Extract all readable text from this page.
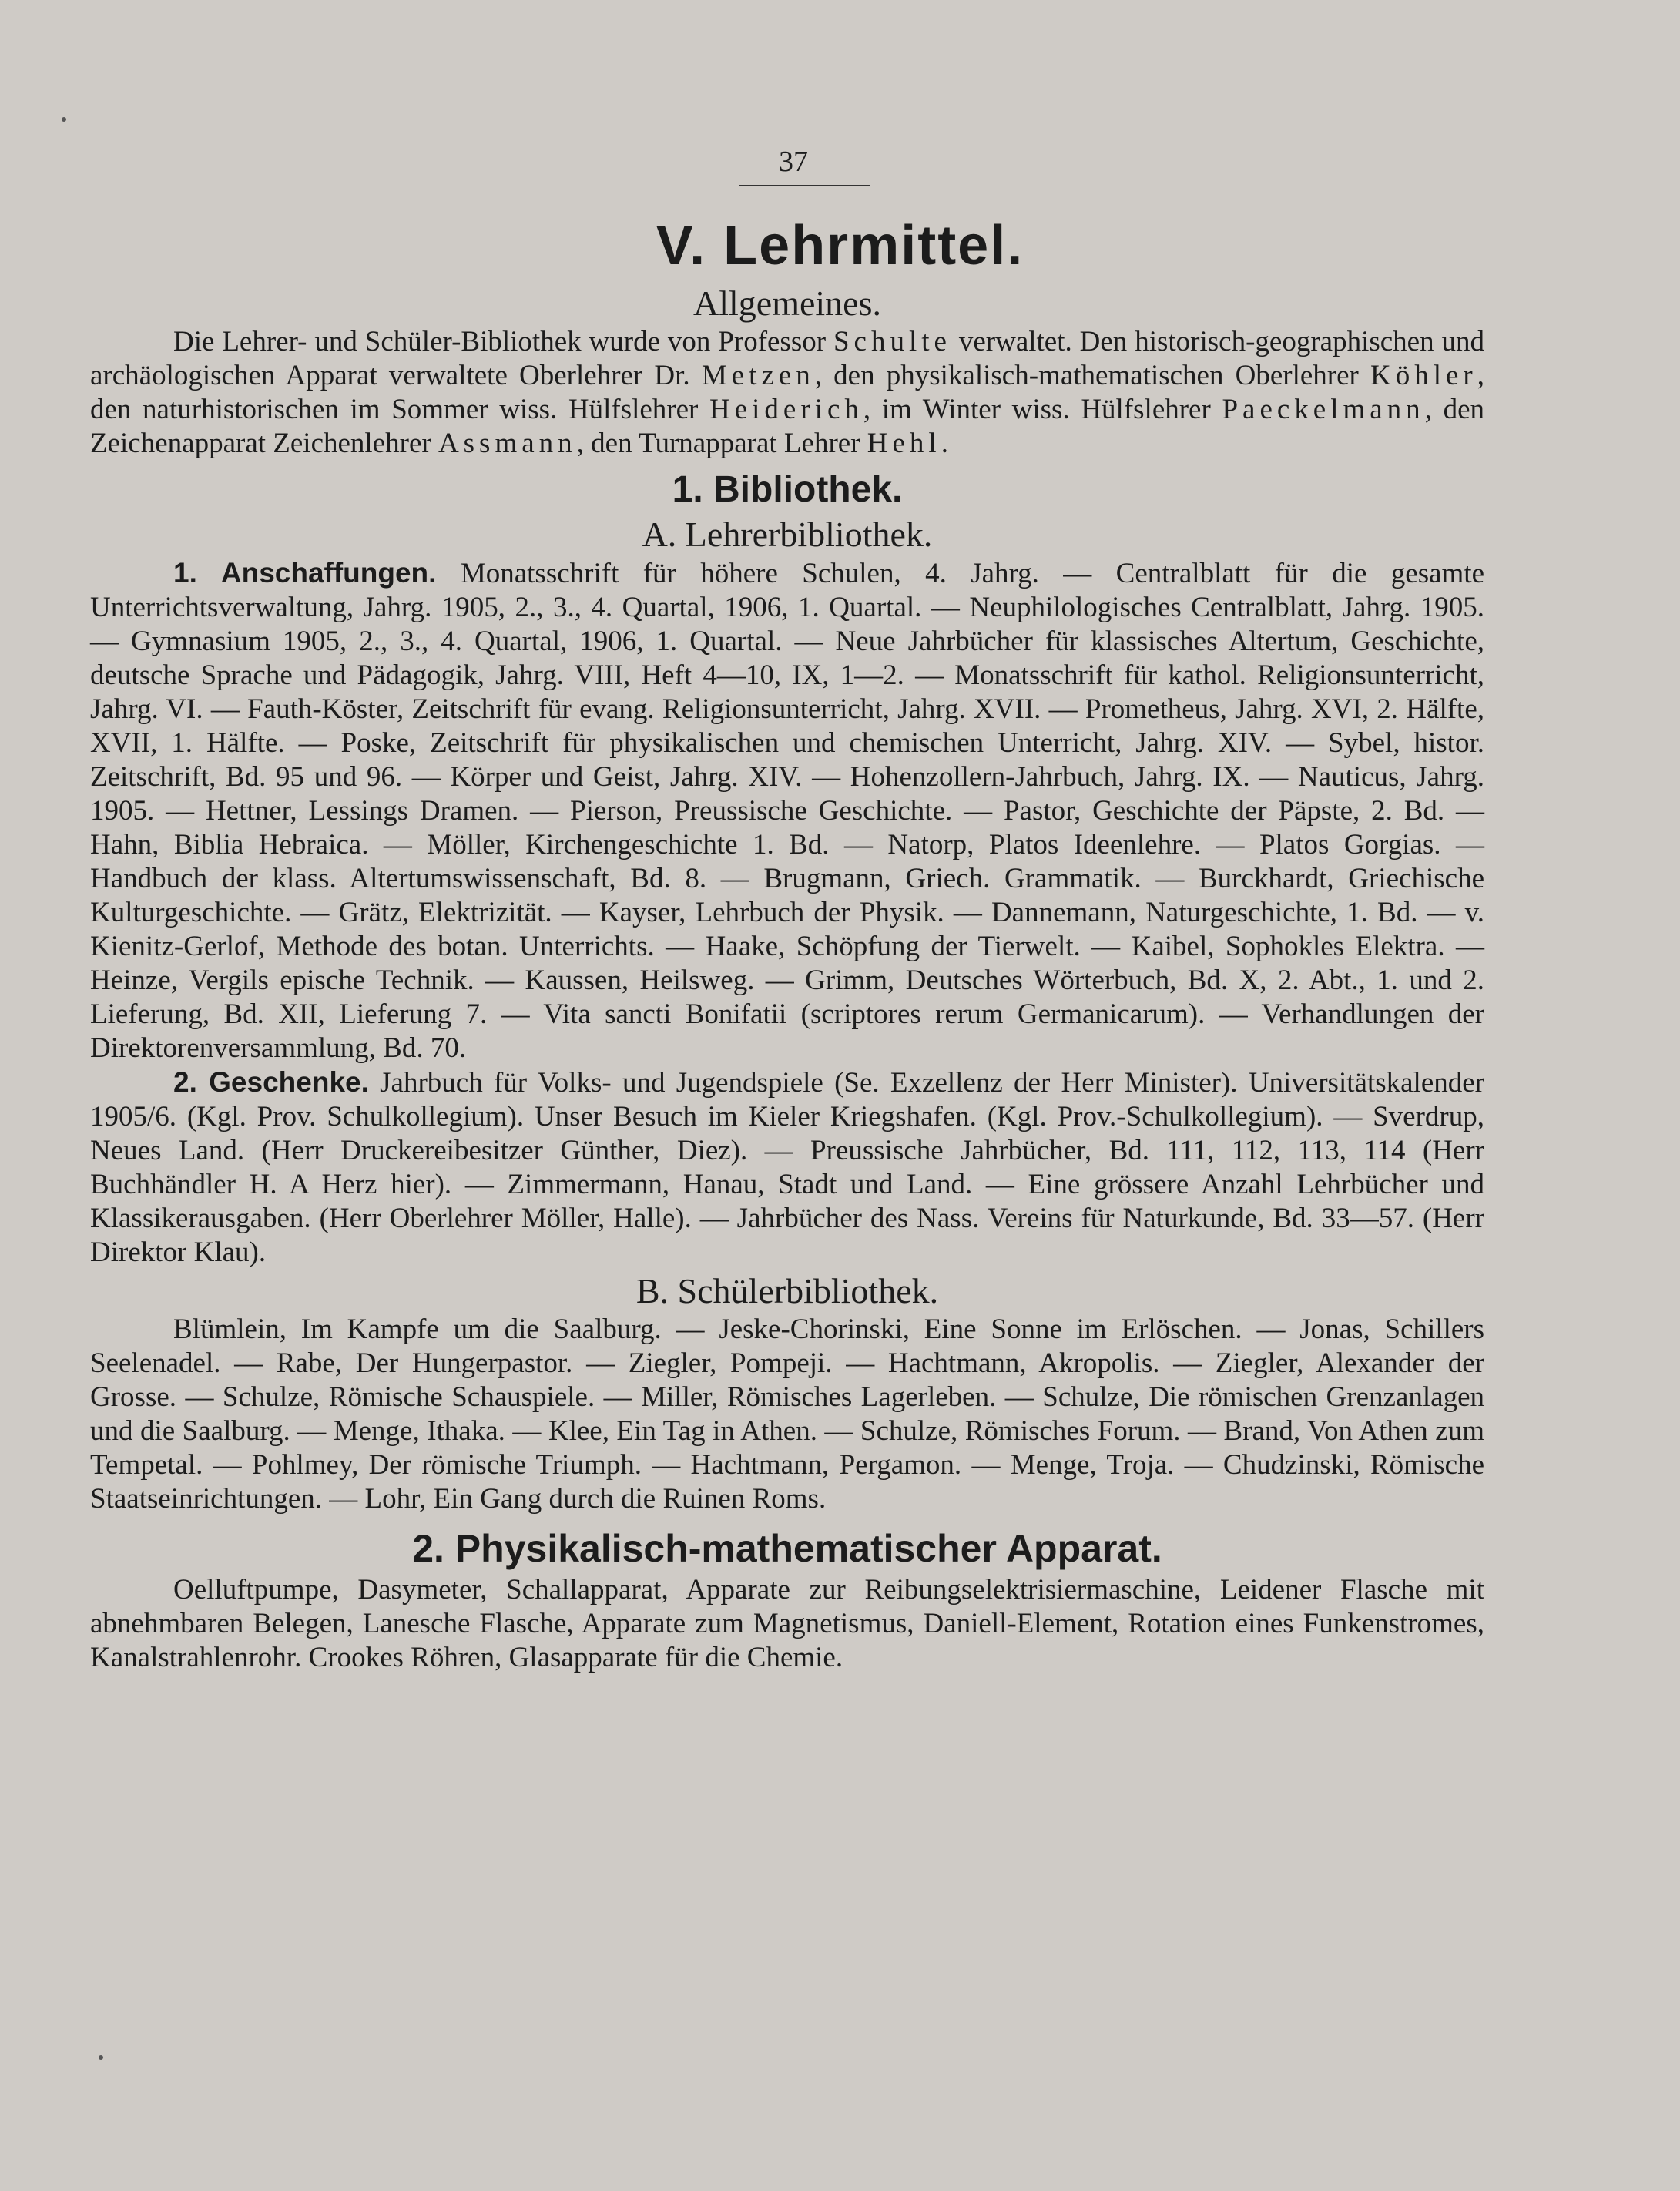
37
V. Lehrmittel.
Allgemeines.

Die Lehrer- und Schüler-Bibliothek wurde von Professor Schulte verwaltet. Den historisch-geographischen und archäologischen Apparat verwaltete Oberlehrer Dr. Metzen, den physikalisch-mathematischen Oberlehrer Köhler, den naturhistorischen im Sommer wiss. Hülfslehrer Heiderich, im Winter wiss. Hülfslehrer Paeckelmann, den Zeichenapparat Zeichenlehrer Assmann, den Turnapparat Lehrer Hehl.

1. Bibliothek.
A. Lehrerbibliothek.

1. Anschaffungen. Monatsschrift für höhere Schulen, 4. Jahrg. — Centralblatt für die gesamte Unterrichtsverwaltung, Jahrg. 1905, 2., 3., 4. Quartal, 1906, 1. Quartal. — Neuphilologisches Centralblatt, Jahrg. 1905. — Gymnasium 1905, 2., 3., 4. Quartal, 1906, 1. Quartal. — Neue Jahrbücher für klassisches Altertum, Geschichte, deutsche Sprache und Pädagogik, Jahrg. VIII, Heft 4—10, IX, 1—2. — Monatsschrift für kathol. Religionsunterricht, Jahrg. VI. — Fauth-Köster, Zeitschrift für evang. Religionsunterricht, Jahrg. XVII. — Prometheus, Jahrg. XVI, 2. Hälfte, XVII, 1. Hälfte. — Poske, Zeitschrift für physikalischen und chemischen Unterricht, Jahrg. XIV. — Sybel, histor. Zeitschrift, Bd. 95 und 96. — Körper und Geist, Jahrg. XIV. — Hohenzollern-Jahrbuch, Jahrg. IX. — Nauticus, Jahrg. 1905. — Hettner, Lessings Dramen. — Pierson, Preussische Geschichte. — Pastor, Geschichte der Päpste, 2. Bd. — Hahn, Biblia Hebraica. — Möller, Kirchengeschichte 1. Bd. — Natorp, Platos Ideenlehre. — Platos Gorgias. — Handbuch der klass. Altertumswissenschaft, Bd. 8. — Brugmann, Griech. Grammatik. — Burckhardt, Griechische Kulturgeschichte. — Grätz, Elektrizität. — Kayser, Lehrbuch der Physik. — Dannemann, Naturgeschichte, 1. Bd. — v. Kienitz-Gerlof, Methode des botan. Unterrichts. — Haake, Schöpfung der Tierwelt. — Kaibel, Sophokles Elektra. — Heinze, Vergils epische Technik. — Kaussen, Heilsweg. — Grimm, Deutsches Wörterbuch, Bd. X, 2. Abt., 1. und 2. Lieferung, Bd. XII, Lieferung 7. — Vita sancti Bonifatii (scriptores rerum Germanicarum). — Verhandlungen der Direktorenversammlung, Bd. 70.

2. Geschenke. Jahrbuch für Volks- und Jugendspiele (Se. Exzellenz der Herr Minister). Universitätskalender 1905/6. (Kgl. Prov. Schulkollegium). Unser Besuch im Kieler Kriegshafen. (Kgl. Prov.-Schulkollegium). — Sverdrup, Neues Land. (Herr Druckereibesitzer Günther, Diez). — Preussische Jahrbücher, Bd. 111, 112, 113, 114 (Herr Buchhändler H. A Herz hier). — Zimmermann, Hanau, Stadt und Land. — Eine grössere Anzahl Lehrbücher und Klassikerausgaben. (Herr Oberlehrer Möller, Halle). — Jahrbücher des Nass. Vereins für Naturkunde, Bd. 33—57. (Herr Direktor Klau).

B. Schülerbibliothek.

Blümlein, Im Kampfe um die Saalburg. — Jeske-Chorinski, Eine Sonne im Erlöschen. — Jonas, Schillers Seelenadel. — Rabe, Der Hungerpastor. — Ziegler, Pompeji. — Hachtmann, Akropolis. — Ziegler, Alexander der Grosse. — Schulze, Römische Schauspiele. — Miller, Römisches Lagerleben. — Schulze, Die römischen Grenzanlagen und die Saalburg. — Menge, Ithaka. — Klee, Ein Tag in Athen. — Schulze, Römisches Forum. — Brand, Von Athen zum Tempetal. — Pohlmey, Der römische Triumph. — Hachtmann, Pergamon. — Menge, Troja. — Chudzinski, Römische Staatseinrichtungen. — Lohr, Ein Gang durch die Ruinen Roms.

2. Physikalisch-mathematischer Apparat.

Oelluftpumpe, Dasymeter, Schallapparat, Apparate zur Reibungselektrisiermaschine, Leidener Flasche mit abnehmbaren Belegen, Lanesche Flasche, Apparate zum Magnetismus, Daniell-Element, Rotation eines Funkenstromes, Kanalstrahlenrohr. Crookes Röhren, Glasapparate für die Chemie.
